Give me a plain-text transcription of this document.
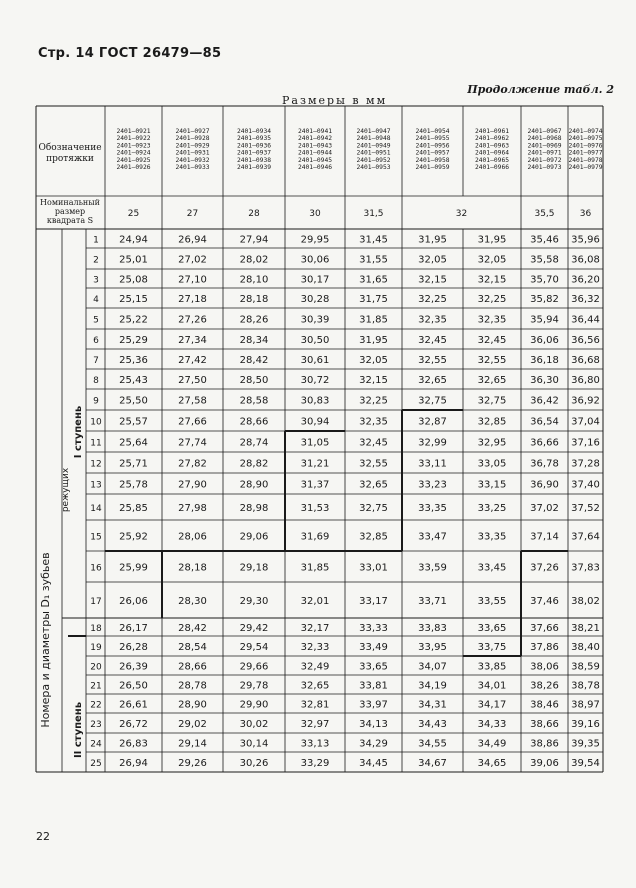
Стр. 14 ГОСТ 26479—85
Продолжение табл. 2
Размеры в мм
22
Обозначение
протяжки
Номинальный
размер
квадрата S
2401—0921
2401—0922
2401—0923
2401—0924
2401—0925
2401—0926
25
2401—0927
2401—0928
2401—0929
2401—0931
2401—0932
2401—0933
27
2401—0934
2401—0935
2401—0936
2401—0937
2401—0938
2401—0939
28
2401—0941
2401—0942
2401—0943
2401—0944
2401—0945
2401—0946
30
2401—0947
2401—0948
2401—0949
2401—0951
2401—0952
2401—0953
31,5
2401—0954
2401—0955
2401—0956
2401—0957
2401—0958
2401—0959
2401—0961
2401—0962
2401—0963
2401—0964
2401—0965
2401—0966
32
2401—0967
2401—0968
2401—0969
2401—0971
2401—0972
2401—0973
35,5
2401—0974
2401—0975
2401—0976
2401—0977
2401—0978
2401—0979
36
Номера и диаметры D₁ зубьев
режущих
I ступень
II ступень
1 24,94	26,94	27,94	29,95	31,45	31,95	31,95 35,46 35,96
2 25,01	27,02	28,02	30,06	31,55	32,05	32,05 35,58 36,08
3 25,08	27,10	28,10	30,17	31,65	32,15	32,15 35,70 36,20
4 25,15	27,18	28,18	30,28	31,75	32,25	32,25 35,82 36,32
5 25,22	27,26	28,26	30,39	31,85	32,35	32,35 35,94 36,44
6 25,29	27,34	28,34	30,50	31,95	32,45	32,45 36,06 36,56
7 25,36	27,42	28,42	30,61	32,05	32,55	32,55 36,18 36,68
8 25,43	27,50	28,50	30,72	32,15	32,65	32,65 36,30 36,80
9 25,50	27,58	28,58	30,83	32,25	32,75	32,75 36,42 36,92
10 25,57	27,66	28,66	30,94	32,35	32,87	32,85 36,54 37,04
11 25,64	27,74	28,74	31,05	32,45	32,99	32,95 36,66 37,16
12 25,71	27,82	28,82	31,21	32,55	33,11	33,05 36,78 37,28
13 25,78	27,90	28,90	31,37	32,65	33,23	33,15 36,90 37,40
14 25,85	27,98	28,98	31,53	32,75	33,35	33,25 37,02 37,52
15 25,92	28,06	29,06	31,69	32,85	33,47	33,35 37,14 37,64
16 25,99	28,18	29,18	31,85	33,01	33,59	33,45 37,26 37,83
17 26,06	28,30	29,30	32,01	33,17	33,71	33,55 37,46 38,02
18 26,17	28,42	29,42	32,17	33,33	33,83	33,65 37,66 38,21
19 26,28	28,54	29,54	32,33	33,49	33,95	33,75 37,86 38,40
20 26,39	28,66	29,66	32,49	33,65	34,07	33,85 38,06 38,59
21 26,50	28,78	29,78	32,65	33,81	34,19	34,01 38,26 38,78
22 26,61	28,90	29,90	32,81	33,97	34,31	34,17 38,46 38,97
23 26,72	29,02	30,02	32,97	34,13	34,43	34,33 38,66 39,16
24 26,83	29,14	30,14	33,13	34,29	34,55	34,49 38,86 39,35
25 26,94	29,26	30,26	33,29	34,45	34,67	34,65 39,06 39,54
